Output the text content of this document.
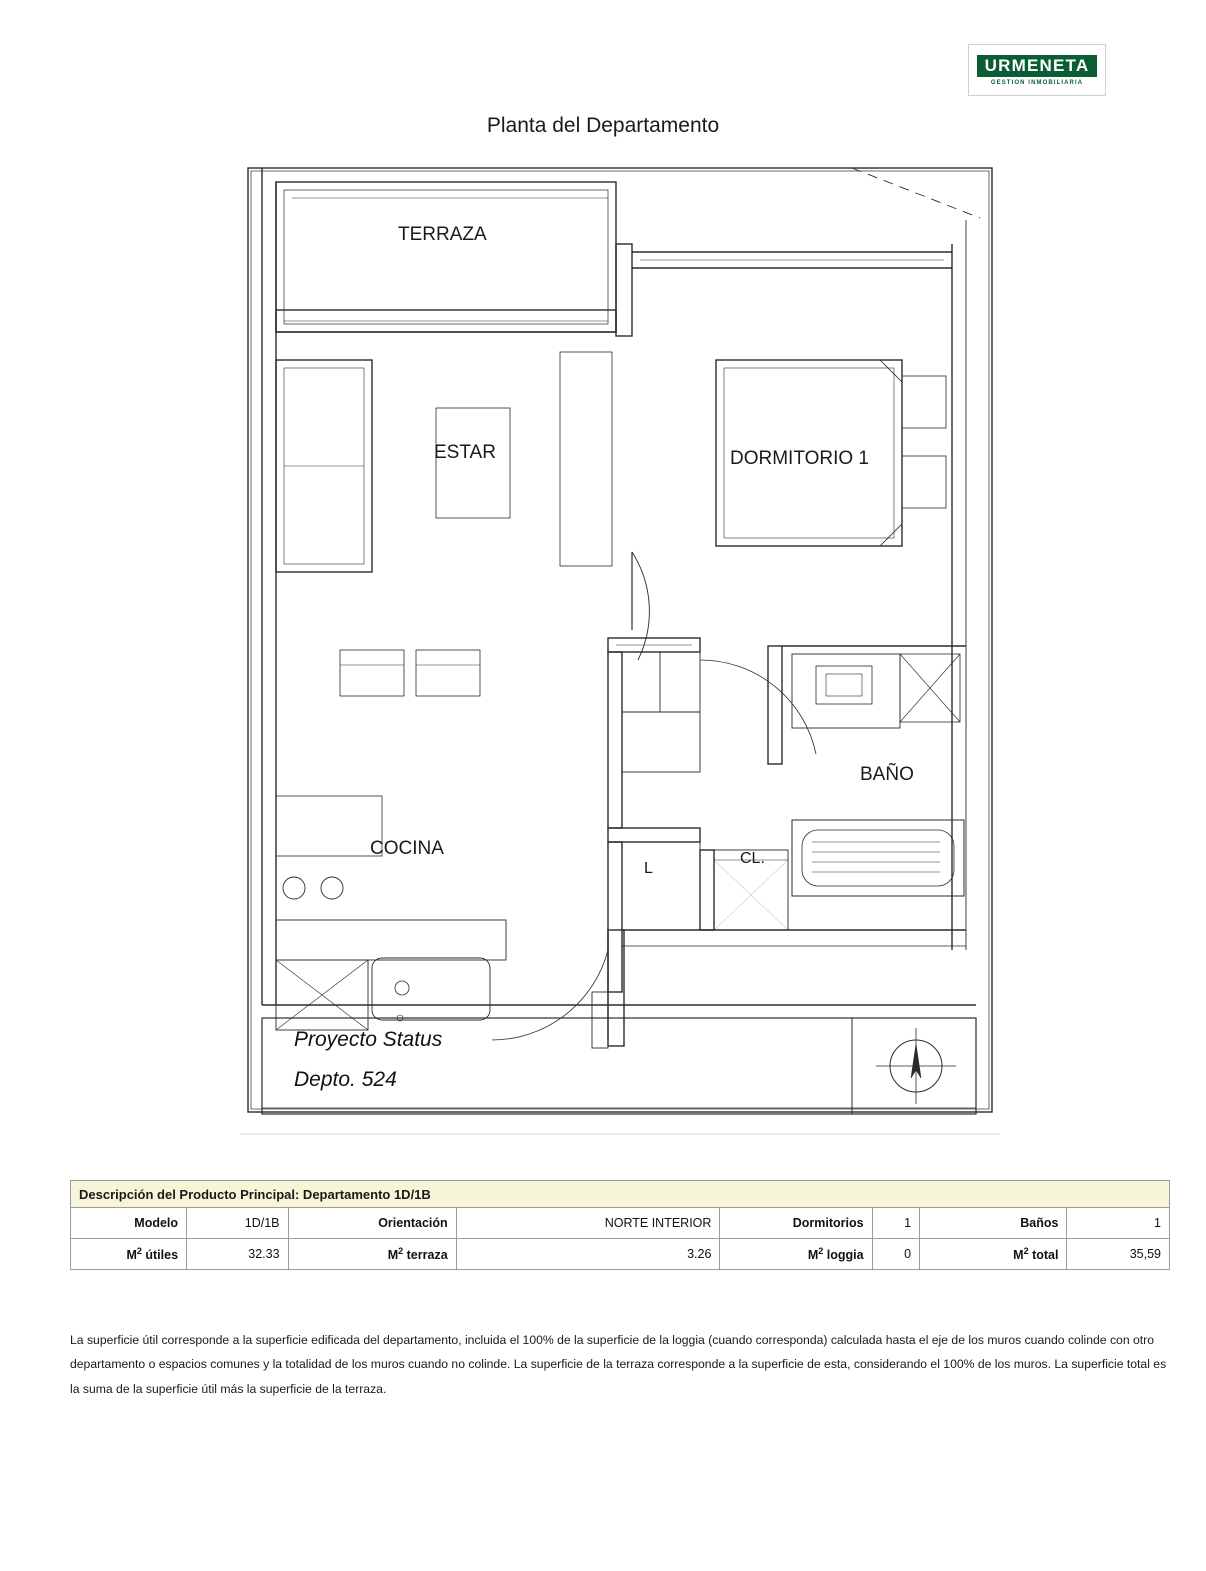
URMENETA
GESTION INMOBILIARIA
Planta del Departamento
TERRAZA
ESTAR	DORMITORIO 1
COCINA
BAÑO
CL.
L
Proyecto Status
Depto. 524
Descripción del Producto Principal: Departamento 1D/1B							
Modelo	1D/1B	Orientación	NORTE INTERIOR	Dormitorios	1	Baños	1
$M^2$ útiles	32.33	$M^2$ terraza	3.26	$M^2$ loggia	0	$M^2$ total	35,59
La superficie útil corresponde a la superficie edificada del departamento, incluida el 100% de la superficie de la loggia (cuando corresponda) calculada hasta el eje de los muros cuando colinde con otro departamento o espacios comunes y la totalidad de los muros cuando no colinde. La superficie de la terraza corresponde a la superficie de esta, considerando el 100% de los muros. La superficie total es la suma de la superficie útil más la superficie de la terraza.
